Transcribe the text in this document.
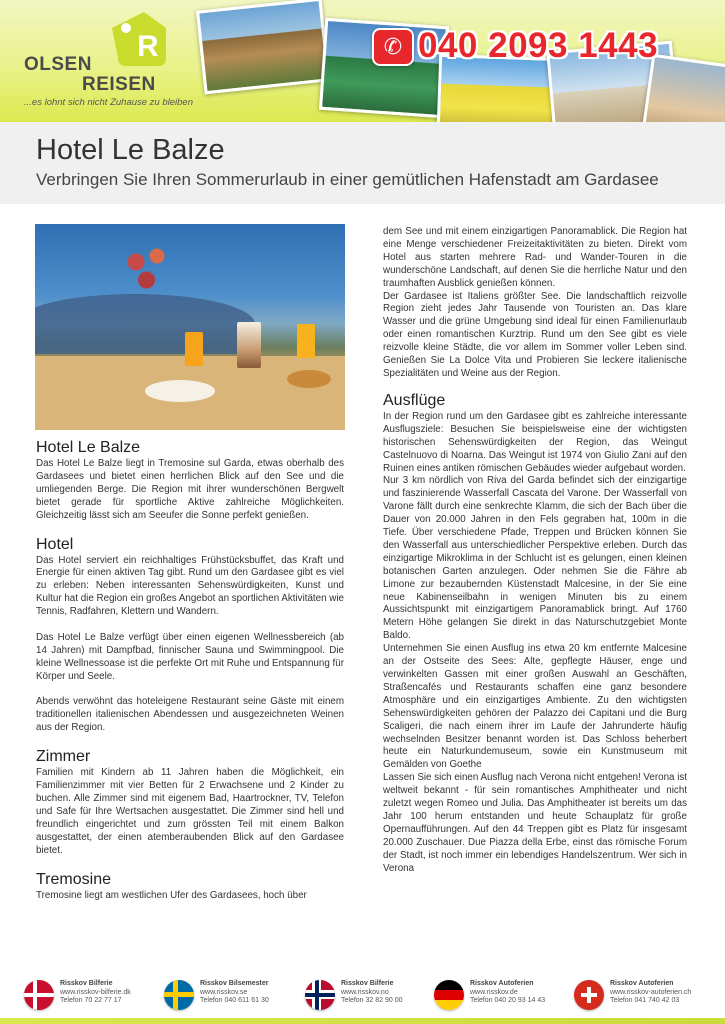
R
OLSEN
REISEN
...es lohnt sich nicht Zuhause zu bleiben
✆ 040 2093 1443
Hotel Le Balze
Verbringen Sie Ihren Sommerurlaub in einer gemütlichen Hafenstadt am Gardasee
Hotel Le Balze

Das Hotel Le Balze liegt in Tremosine sul Garda, etwas oberhalb des Gardasees und bietet einen herrlichen Blick auf den See und die umliegenden Berge. Die Region mit ihrer wunderschönen Bergwelt bietet gerade für sportliche Aktive zahlreiche Möglichkeiten. Gleichzeitig lässt sich am Seeufer die Sonne perfekt genießen.

Hotel

Das Hotel serviert ein reichhaltiges Frühstücksbuffet, das Kraft und Energie für einen aktiven Tag gibt. Rund um den Gardasee gibt es viel zu erleben: Neben interessanten Sehenswürdigkeiten, Kunst und Kultur hat die Region ein großes Angebot an sportlichen Aktivitäten wie Tennis, Radfahren, Klettern und Wandern.

Das Hotel Le Balze verfügt über einen eigenen Wellnessbereich (ab 14 Jahren) mit Dampfbad, finnischer Sauna und Swimmingpool. Die kleine Wellnessoase ist die perfekte Ort mit Ruhe und Entspannung für Körper und Seele.

Abends verwöhnt das hoteleigene Restaurant seine Gäste mit einem traditionellen italienischen Abendessen und ausgezeichneten Weinen aus der Region.

Zimmer

Familien mit Kindern ab 11 Jahren haben die Möglichkeit, ein Familienzimmer mit vier Betten für 2 Erwachsene und 2 Kinder zu buchen. Alle Zimmer sind mit eigenem Bad, Haartrockner, TV, Telefon und Safe für Ihre Wertsachen ausgestattet. Die Zimmer sind hell und freundlich eingerichtet und zum grössten Teil mit einem Balkon ausgestattet, der einen atemberaubenden Blick auf den Gardasee bietet.

Tremosine

Tremosine liegt am westlichen Ufer des Gardasees, hoch über

dem See und mit einem einzigartigen Panoramablick. Die Region hat eine Menge verschiedener Freizeitaktivitäten zu bieten. Direkt vom Hotel aus starten mehrere Rad- und Wander-Touren in die wunderschöne Landschaft, auf denen Sie die herrliche Natur und den traumhaften Ausblick genießen können.

Der Gardasee ist Italiens größter See. Die landschaftlich reizvolle Region zieht jedes Jahr Tausende von Touristen an. Das klare Wasser und die grüne Umgebung sind ideal für einen Familienurlaub oder einen romantischen Kurztrip. Rund um den See gibt es viele reizvolle kleine Städte, die vor allem im Sommer voller Leben sind. Genießen Sie La Dolce Vita und Probieren Sie leckere italienische Spezialitäten und Weine aus der Region.

Ausflüge

In der Region rund um den Gardasee gibt es zahlreiche interessante Ausflugsziele: Besuchen Sie beispielsweise eine der wichtigsten historischen Sehenswürdigkeiten der Region, das Weingut Castelnuovo di Noarna. Das Weingut ist 1974 von Giulio Zani auf den Ruinen eines antiken römischen Gebäudes wieder aufgebaut worden.

Nur 3 km nördlich von Riva del Garda befindet sich der einzigartige und faszinierende Wasserfall Cascata del Varone. Der Wasserfall von Varone fällt durch eine senkrechte Klamm, die sich der Bach über die Dauer von 20.000 Jahren in den Fels gegraben hat, 100m in die Tiefe. Über verschiedene Pfade, Treppen und Brücken können Sie den Wasserfall aus unterschiedlicher Perspektive erleben. Durch das einzigartige Mikroklima in der Schlucht ist es gelungen, einen kleinen botanischen Garten anzulegen. Oder nehmen Sie die Fähre ab Limone zur bezaubernden Küstenstadt Malcesine, in der Sie eine neue Kabinenseilbahn in wenigen Minuten bis zu einem Aussichtspunkt mit einzigartigem Panoramablick bringt. Auf 1760 Metern Höhe gelangen Sie direkt in das Naturschutzgebiet Monte Baldo.

Unternehmen Sie einen Ausflug ins etwa 20 km entfernte Malcesine an der Ostseite des Sees: Alte, gepflegte Häuser, enge und verwinkelten Gassen mit einer großen Auswahl an Geschäften, Straßencafés und Restaurants schaffen eine ganz besondere Atmosphäre und ein einzigartiges Ambiente. Zu den wichtigsten Sehenswürdigkeiten gehören der Palazzo dei Capitani und die Burg Scaligeri, die nach einem ihrer im Laufe der Jahrunderte häufig wechselnden Besitzer benannt worden ist. Das Schloss beherbert heute ein Naturkundemuseum, sowie ein Kunstmuseum mit Gemälden von Goethe

Lassen Sie sich einen Ausflug nach Verona nicht entgehen! Verona ist weltweit bekannt - für sein romantisches Amphitheater und nicht zuletzt wegen Romeo und Julia. Das Amphitheater ist bereits um das Jahr 100 herum entstanden und heute Schauplatz für große Opernaufführungen. Auf den 44 Treppen gibt es Platz für insgesamt 20.000 Zuschauer. Due Piazza della Erbe, einst das römische Forum der Stadt, ist noch immer ein lebendiges Handelszentrum. Wer sich in Verona

Risskov Bilferie
www.risskov-bilferie.dk
Telefon 70 22 77 17
Risskov Bilsemester
www.risskov.se
Telefon 040 611 61 30
Risskov Bilferie
www.risskov.no
Telefon 32 82 90 00
Risskov Autoferien
www.risskov.de
Telefon 040 20 93 14 43
Risskov Autoferien
www.risskov-autoferien.ch
Telefon 041 740 42 03
